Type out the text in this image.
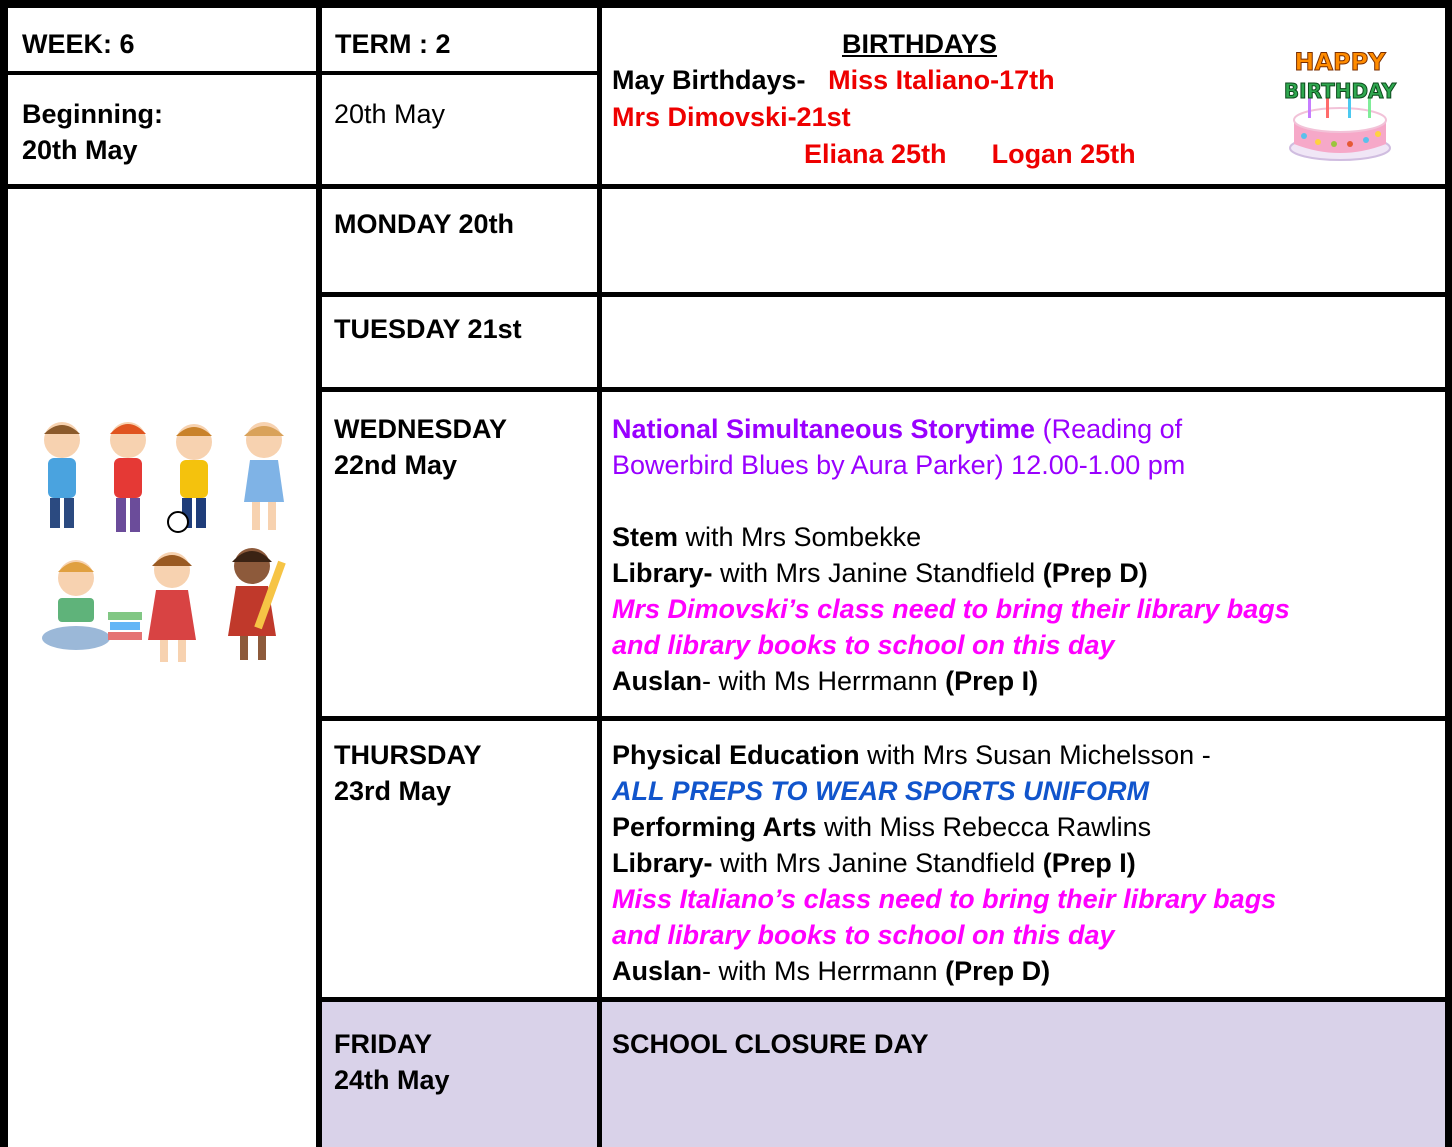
WEEK: 6	TERM : 2
Beginning:
20th May
20th May
BIRTHDAYS
May Birthdays- Miss Italiano-17th
Mrs Dimovski-21st
Eliana 25th Logan 25th
HAPPY
BIRTHDAY
MONDAY 20th
TUESDAY 21st
WEDNESDAY
22nd May
THURSDAY
23rd May
FRIDAY
24th May
National Simultaneous Storytime (Reading of
Bowerbird Blues by Aura Parker) 12.00-1.00 pm

Stem with Mrs Sombekke
Library- with Mrs Janine Standfield (Prep D)
Mrs Dimovski’s class need to bring their library bags
and library books to school on this day
Auslan- with Ms Herrmann (Prep I)
Physical Education with Mrs Susan Michelsson -
ALL PREPS TO WEAR SPORTS UNIFORM
Performing Arts with Miss Rebecca Rawlins
Library- with Mrs Janine Standfield (Prep I)
Miss Italiano’s class need to bring their library bags
and library books to school on this day
Auslan- with Ms Herrmann (Prep D)
SCHOOL CLOSURE DAY
